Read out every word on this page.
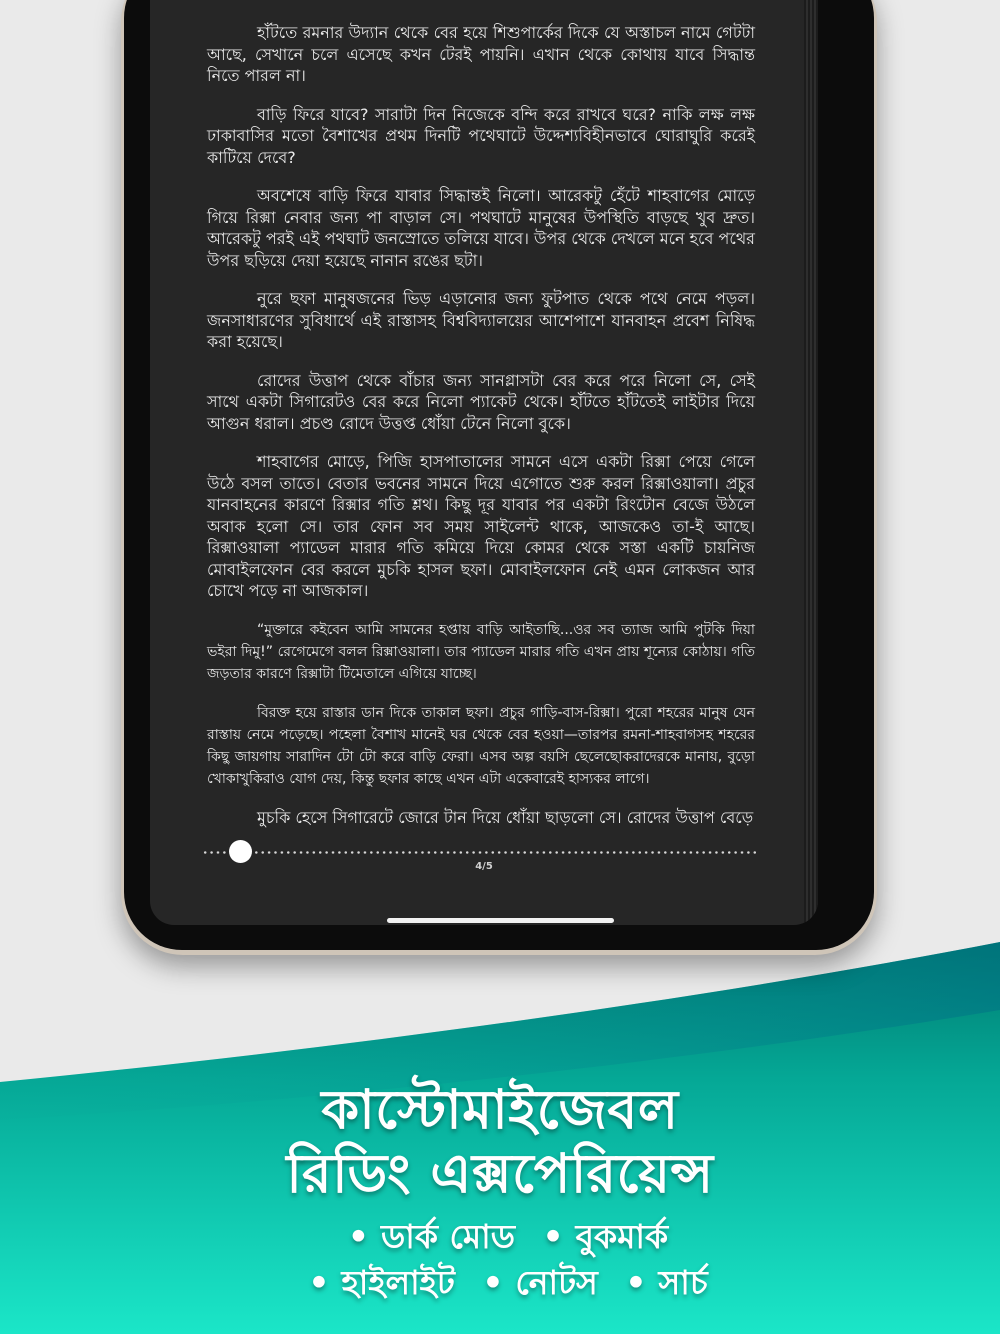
হাঁটতে রমনার উদ্যান থেকে বের হয়ে শিশুপার্কের দিকে যে অস্তাচল নামে গেটটা আছে, সেখানে চলে এসেছে কখন টেরই পায়নি। এখান থেকে কোথায় যাবে সিদ্ধান্ত নিতে পারল না।

বাড়ি ফিরে যাবে? সারাটা দিন নিজেকে বন্দি করে রাখবে ঘরে? নাকি লক্ষ লক্ষ ঢাকাবাসির মতো বৈশাখের প্রথম দিনটি পথেঘাটে উদ্দেশ্যবিহীনভাবে ঘোরাঘুরি করেই কাটিয়ে দেবে?

অবশেষে বাড়ি ফিরে যাবার সিদ্ধান্তই নিলো। আরেকটু হেঁটে শাহবাগের মোড়ে গিয়ে রিক্সা নেবার জন্য পা বাড়াল সে। পথঘাটে মানুষের উপস্থিতি বাড়ছে খুব দ্রুত। আরেকটু পরই এই পথঘাট জনস্রোতে তলিয়ে যাবে। উপর থেকে দেখলে মনে হবে পথের উপর ছড়িয়ে দেয়া হয়েছে নানান রঙের ছটা।

নুরে ছফা মানুষজনের ভিড় এড়ানোর জন্য ফুটপাত থেকে পথে নেমে পড়ল। জনসাধারণের সুবিধার্থে এই রাস্তাসহ বিশ্ববিদ্যালয়ের আশেপাশে যানবাহন প্রবেশ নিষিদ্ধ করা হয়েছে।

রোদের উত্তাপ থেকে বাঁচার জন্য সানগ্লাসটা বের করে পরে নিলো সে, সেই সাথে একটা সিগারেটও বের করে নিলো প্যাকেট থেকে। হাঁটতে হাঁটতেই লাইটার দিয়ে আগুন ধরাল। প্রচণ্ড রোদে উত্তপ্ত ধোঁয়া টেনে নিলো বুকে।

শাহবাগের মোড়ে, পিজি হাসপাতালের সামনে এসে একটা রিক্সা পেয়ে গেলে উঠে বসল তাতে। বেতার ভবনের সামনে দিয়ে এগোতে শুরু করল রিক্সাওয়ালা। প্রচুর যানবাহনের কারণে রিক্সার গতি শ্লথ। কিছু দূর যাবার পর একটা রিংটোন বেজে উঠলে অবাক হলো সে। তার ফোন সব সময় সাইলেন্ট থাকে, আজকেও তা-ই আছে। রিক্সাওয়ালা প্যাডেল মারার গতি কমিয়ে দিয়ে কোমর থেকে সস্তা একটি চায়নিজ মোবাইলফোন বের করলে মুচকি হাসল ছফা। মোবাইলফোন নেই এমন লোকজন আর চোখে পড়ে না আজকাল।

“মুক্তারে কইবেন আমি সামনের হপ্তায় বাড়ি আইতাছি...ওর সব ত্যাজ আমি পুটকি দিয়া ভইরা দিমু!” রেগেমেগে বলল রিক্সাওয়ালা। তার প্যাডেল মারার গতি এখন প্রায় শূন্যের কোঠায়। গতি জড়তার কারণে রিক্সাটা টিমেতালে এগিয়ে যাচ্ছে।

বিরক্ত হয়ে রাস্তার ডান দিকে তাকাল ছফা। প্রচুর গাড়ি-বাস-রিক্সা। পুরো শহরের মানুষ যেন রাস্তায় নেমে পড়েছে। পহেলা বৈশাখ মানেই ঘর থেকে বের হওয়া—তারপর রমনা-শাহবাগসহ শহরের কিছু জায়গায় সারাদিন টো টো করে বাড়ি ফেরা। এসব অল্প বয়সি ছেলেছোকরাদেরকে মানায়, বুড়ো খোকাখুকিরাও যোগ দেয়, কিন্তু ছফার কাছে এখন এটা একেবারেই হাস্যকর লাগে।

মুচকি হেসে সিগারেটে জোরে টান দিয়ে ধোঁয়া ছাড়লো সে। রোদের উত্তাপ বেড়ে

4/5
কাস্টোমাইজেবল
রিডিং এক্সপেরিয়েন্স
• ডার্ক মোড • বুকমার্ক
• হাইলাইট • নোটস • সার্চ
